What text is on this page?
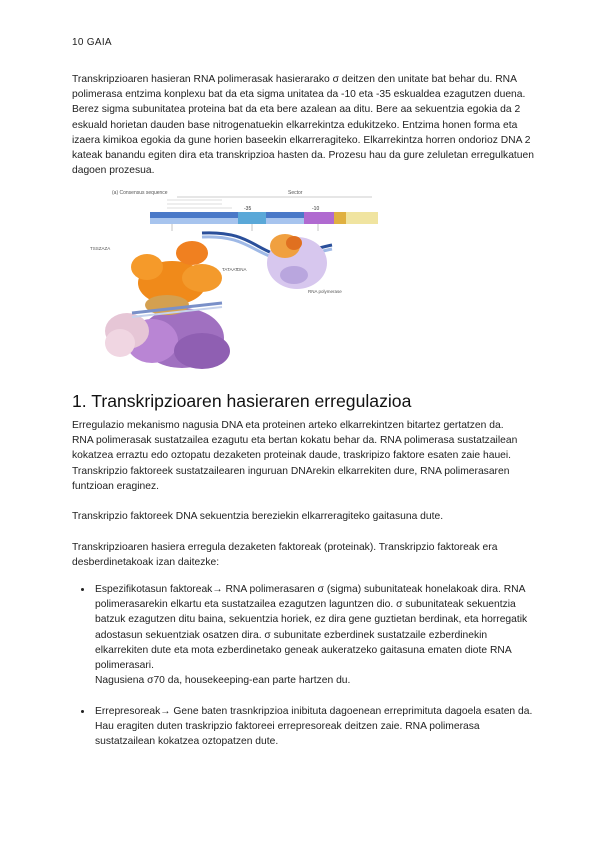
10 GAIA
Transkripzioaren hasieran RNA polimerasak hasierarako σ deitzen den unitate bat behar du. RNA polimerasa entzima konplexu bat da eta sigma unitatea da -10 eta -35 eskualdea ezagutzen duena. Berez sigma subunitatea proteina bat da eta bere azalean aa ditu. Bere aa sekuentzia egokia da 2 eskuald horietan dauden base nitrogenatuekin elkarrekintza edukitzeko. Entzima honen forma eta izaera kimikoa egokia da gune horien baseekin elkarreragiteko. Elkarrekintza horren ondorioz DNA 2 kateak banandu egiten dira eta transkripzioa hasten da. Prozesu hau da gure zeluletan erregulkatuen dagoen prozesua.
(a) Consensus sequence	Sector
-35	-10
RNA polymerase
DNA
TSSZAZA
TATAAT
1. Transkripzioaren hasieraren erregulazioa

Erregulazio mekanismo nagusia DNA eta proteinen arteko elkarrekintzen bitartez gertatzen da.

RNA polimerasak sustatzailea ezagutu eta bertan kokatu behar da. RNA polimerasa sustatzailean kokatzea erraztu edo oztopatu dezaketen proteinak daude, traskripizo faktore esaten zaie hauei. Transkripzio faktoreek sustatzailearen inguruan DNArekin elkarrekiten dure, RNA polimerasaren funtzioan eraginez.

Transkripzio faktoreek DNA sekuentzia bereziekin elkarreragiteko gaitasuna dute.

Transkripzioaren hasiera erregula dezaketen faktoreak (proteinak). Transkripzio faktoreak era desberdinetakoak izan daitezke:

• Espezifikotasun faktoreak→ RNA polimerasaren σ (sigma) subunitateak honelakoak dira. RNA polimerasarekin elkartu eta sustatzailea ezagutzen laguntzen dio. σ subunitateak sekuentzia batzuk ezagutzen ditu baina, sekuentzia horiek, ez dira gene guztietan berdinak, eta horregatik adostasun sekuentziak osatzen dira. σ subunitate ezberdinek sustatzaile ezberdinekin elkarrekiten dute eta mota ezberdinetako geneak aukeratzeko gaitasuna ematen diote RNA polimerasari.
Nagusiena σ70 da, housekeeping-ean parte hartzen du.
• Errepresoreak→ Gene baten trasnkripzioa inibituta dagoenean erreprimituta dagoela esaten da. Hau eragiten duten traskripzio faktoreei errepresoreak deitzen zaie. RNA polimerasa sustatzailean kokatzea oztopatzen dute.
